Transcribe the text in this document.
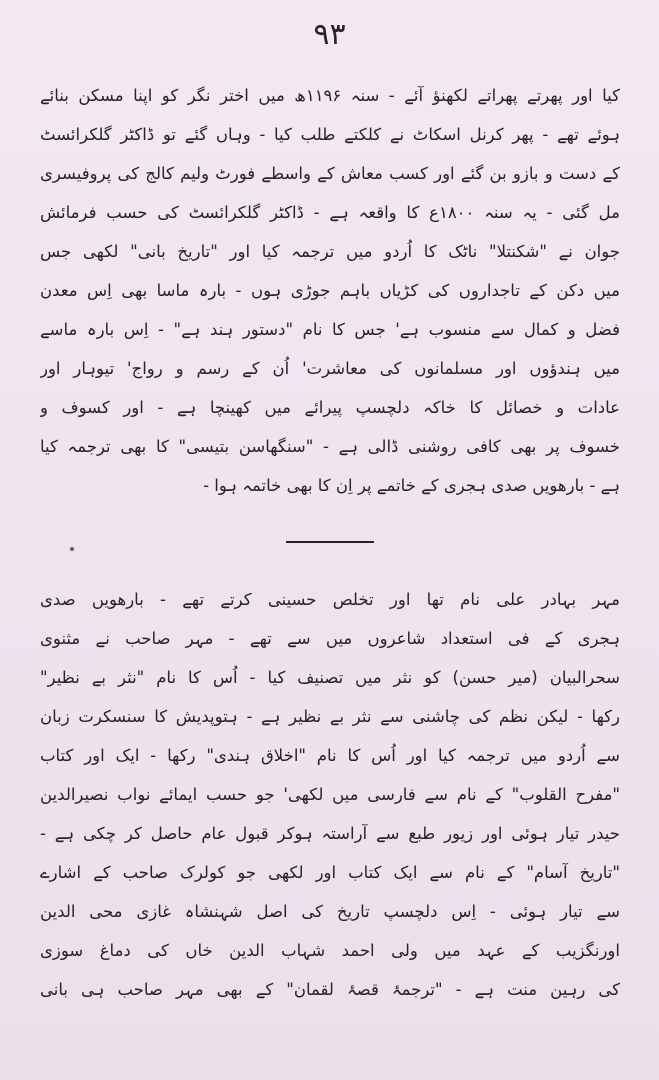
۹۳
کیا اور پھرتے پھراتے لکھنؤ آئے - سنہ ۱۱۹۶ھ میں اختر نگر کو اپنا مسکن بنائے
ہوئے تھے - پھر کرنل اسکاٹ نے کلکتے طلب کیا - وہاں گئے تو ڈاکٹر گلکرائسٹ
کے دست و بازو بن گئے اور کسب معاش کے واسطے فورٹ ولیم کالج کی پروفیسری
مل گئی - یہ سنہ ۱۸۰۰ع کا واقعہ ہے - ڈاکٹر گلکرائسٹ کی حسب فرمائش
جوان نے "شکنتلا" ناٹک کا اُردو میں ترجمہ کیا اور "تاریخ بانی" لکھی جس
میں دکن کے تاجداروں کی کڑیاں باہم جوڑی ہوں - بارہ ماسا بھی اِس معدن
فضل و کمال سے منسوب ہے' جس کا نام "دستور ہند ہے" - اِس بارہ ماسے
میں ہندؤوں اور مسلمانوں کی معاشرت' اُن کے رسم و رواج' تیوہار اور
عادات و خصائل کا خاکہ دلچسپ پیرائے میں کھینچا ہے - اور کسوف و
خسوف پر بھی کافی روشنی ڈالی ہے - "سنگھاسن بتیسی" کا بھی ترجمہ کیا
ہے - بارھویں صدی ہجری کے خاتمے پر اِن کا بھی خاتمہ ہوا -
مہر بہادر علی نام تھا اور تخلص حسینی کرتے تھے - بارھویں صدی
ہجری کے فی استعداد شاعروں میں سے تھے - مہر صاحب نے مثنوی
سحرالبیان (میر حسن) کو نثر میں تصنیف کیا - اُس کا نام "نثر بے نظیر"
رکھا - لیکن نظم کی چاشنی سے نثر بے نظیر ہے - ہتوپدیش کا سنسکرت زبان
سے اُردو میں ترجمہ کیا اور اُس کا نام "اخلاق ہندی" رکھا - ایک اور کتاب
"مفرح القلوب" کے نام سے فارسی میں لکھی' جو حسب ایمائے نواب نصیرالدین
حیدر تیار ہوئی اور زیور طبع سے آراستہ ہوکر قبول عام حاصل کر چکی ہے -
"تاریخ آسام" کے نام سے ایک کتاب اور لکھی جو کولرک صاحب کے اشارے
سے تیار ہوئی - اِس دلچسپ تاریخ کی اصل شہنشاہ غازی محی الدین
اورنگزیب کے عہد میں ولی احمد شہاب الدین خاں کی دماغ سوزی
کی رہین منت ہے - "ترجمۂ قصۂ لقمان" کے بھی مہر صاحب ہی بانی
